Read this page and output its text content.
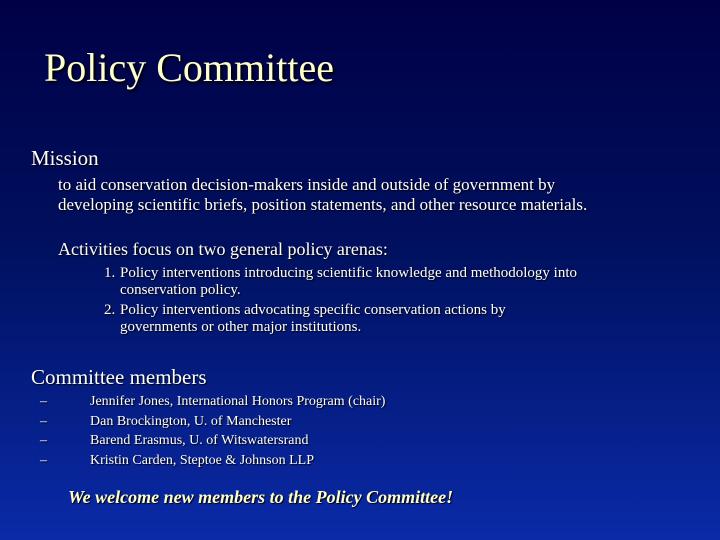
Policy Committee
Mission
to aid conservation decision-makers inside and outside of government by
developing scientific briefs, position statements, and other resource materials.
Activities focus on two general policy arenas:
1. Policy interventions introducing scientific knowledge and methodology into
conservation policy.
2. Policy interventions advocating specific conservation actions by
governments or other major institutions.
Committee members
–	Jennifer Jones, International Honors Program (chair)
–	Dan Brockington, U. of Manchester
–	Barend Erasmus, U. of Witswatersrand
–	Kristin Carden, Steptoe & Johnson LLP
We welcome new members to the Policy Committee!
